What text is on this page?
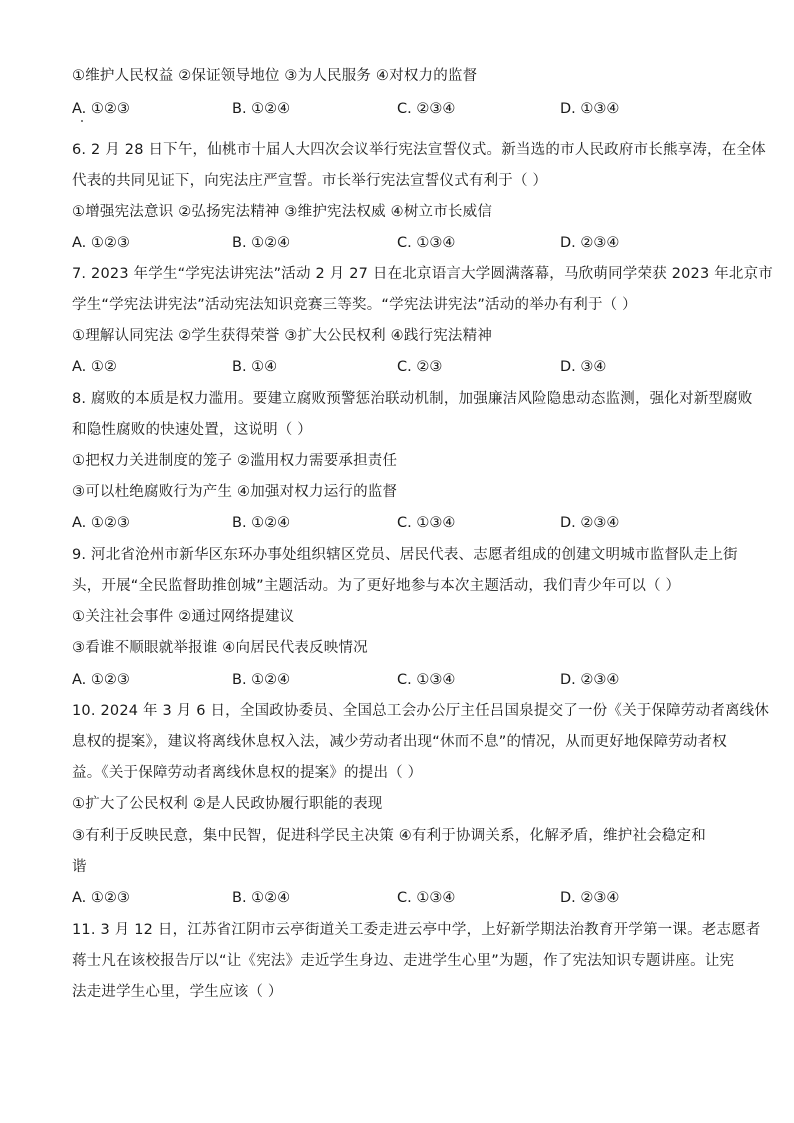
①维护人民权益 ②保证领导地位 ③为人民服务 ④对权力的监督

A. ①②③	B. ①②④	C. ②③④	D. ①③④

6. 2 月 28 日下午，仙桃市十届人大四次会议举行宪法宣誓仪式。新当选的市人民政府市长熊享涛，在全体

代表的共同见证下，向宪法庄严宣誓。市长举行宪法宣誓仪式有利于（ ）

①增强宪法意识 ②弘扬宪法精神 ③维护宪法权威 ④树立市长威信

A. ①②③	B. ①②④	C. ①③④	D. ②③④

7. 2023 年学生“学宪法讲宪法”活动 2 月 27 日在北京语言大学圆满落幕，马欣萌同学荣获 2023 年北京市

学生“学宪法讲宪法”活动宪法知识竞赛三等奖。“学宪法讲宪法”活动的举办有利于（ ）

①理解认同宪法 ②学生获得荣誉 ③扩大公民权利 ④践行宪法精神

A. ①②	B. ①④	C. ②③	D. ③④

8. 腐败的本质是权力滥用。要建立腐败预警惩治联动机制，加强廉洁风险隐患动态监测，强化对新型腐败

和隐性腐败的快速处置，这说明（ ）

①把权力关进制度的笼子 ②滥用权力需要承担责任

③可以杜绝腐败行为产生 ④加强对权力运行的监督

A. ①②③	B. ①②④	C. ①③④	D. ②③④

9. 河北省沧州市新华区东环办事处组织辖区党员、居民代表、志愿者组成的创建文明城市监督队走上街

头，开展“全民监督助推创城”主题活动。为了更好地参与本次主题活动，我们青少年可以（ ）

①关注社会事件 ②通过网络提建议

③看谁不顺眼就举报谁 ④向居民代表反映情况

A. ①②③	B. ①②④	C. ①③④	D. ②③④

10. 2024 年 3 月 6 日，全国政协委员、全国总工会办公厅主任吕国泉提交了一份《关于保障劳动者离线休

息权的提案》，建议将离线休息权入法，减少劳动者出现“休而不息”的情况，从而更好地保障劳动者权

益。《关于保障劳动者离线休息权的提案》的提出（ ）

①扩大了公民权利 ②是人民政协履行职能的表现

③有利于反映民意，集中民智，促进科学民主决策 ④有利于协调关系，化解矛盾，维护社会稳定和

谐

A. ①②③	B. ①②④	C. ①③④	D. ②③④

11. 3 月 12 日，江苏省江阴市云亭街道关工委走进云亭中学，上好新学期法治教育开学第一课。老志愿者

蒋士凡在该校报告厅以“让《宪法》走近学生身边、走进学生心里”为题，作了宪法知识专题讲座。让宪

法走进学生心里，学生应该（ ）
